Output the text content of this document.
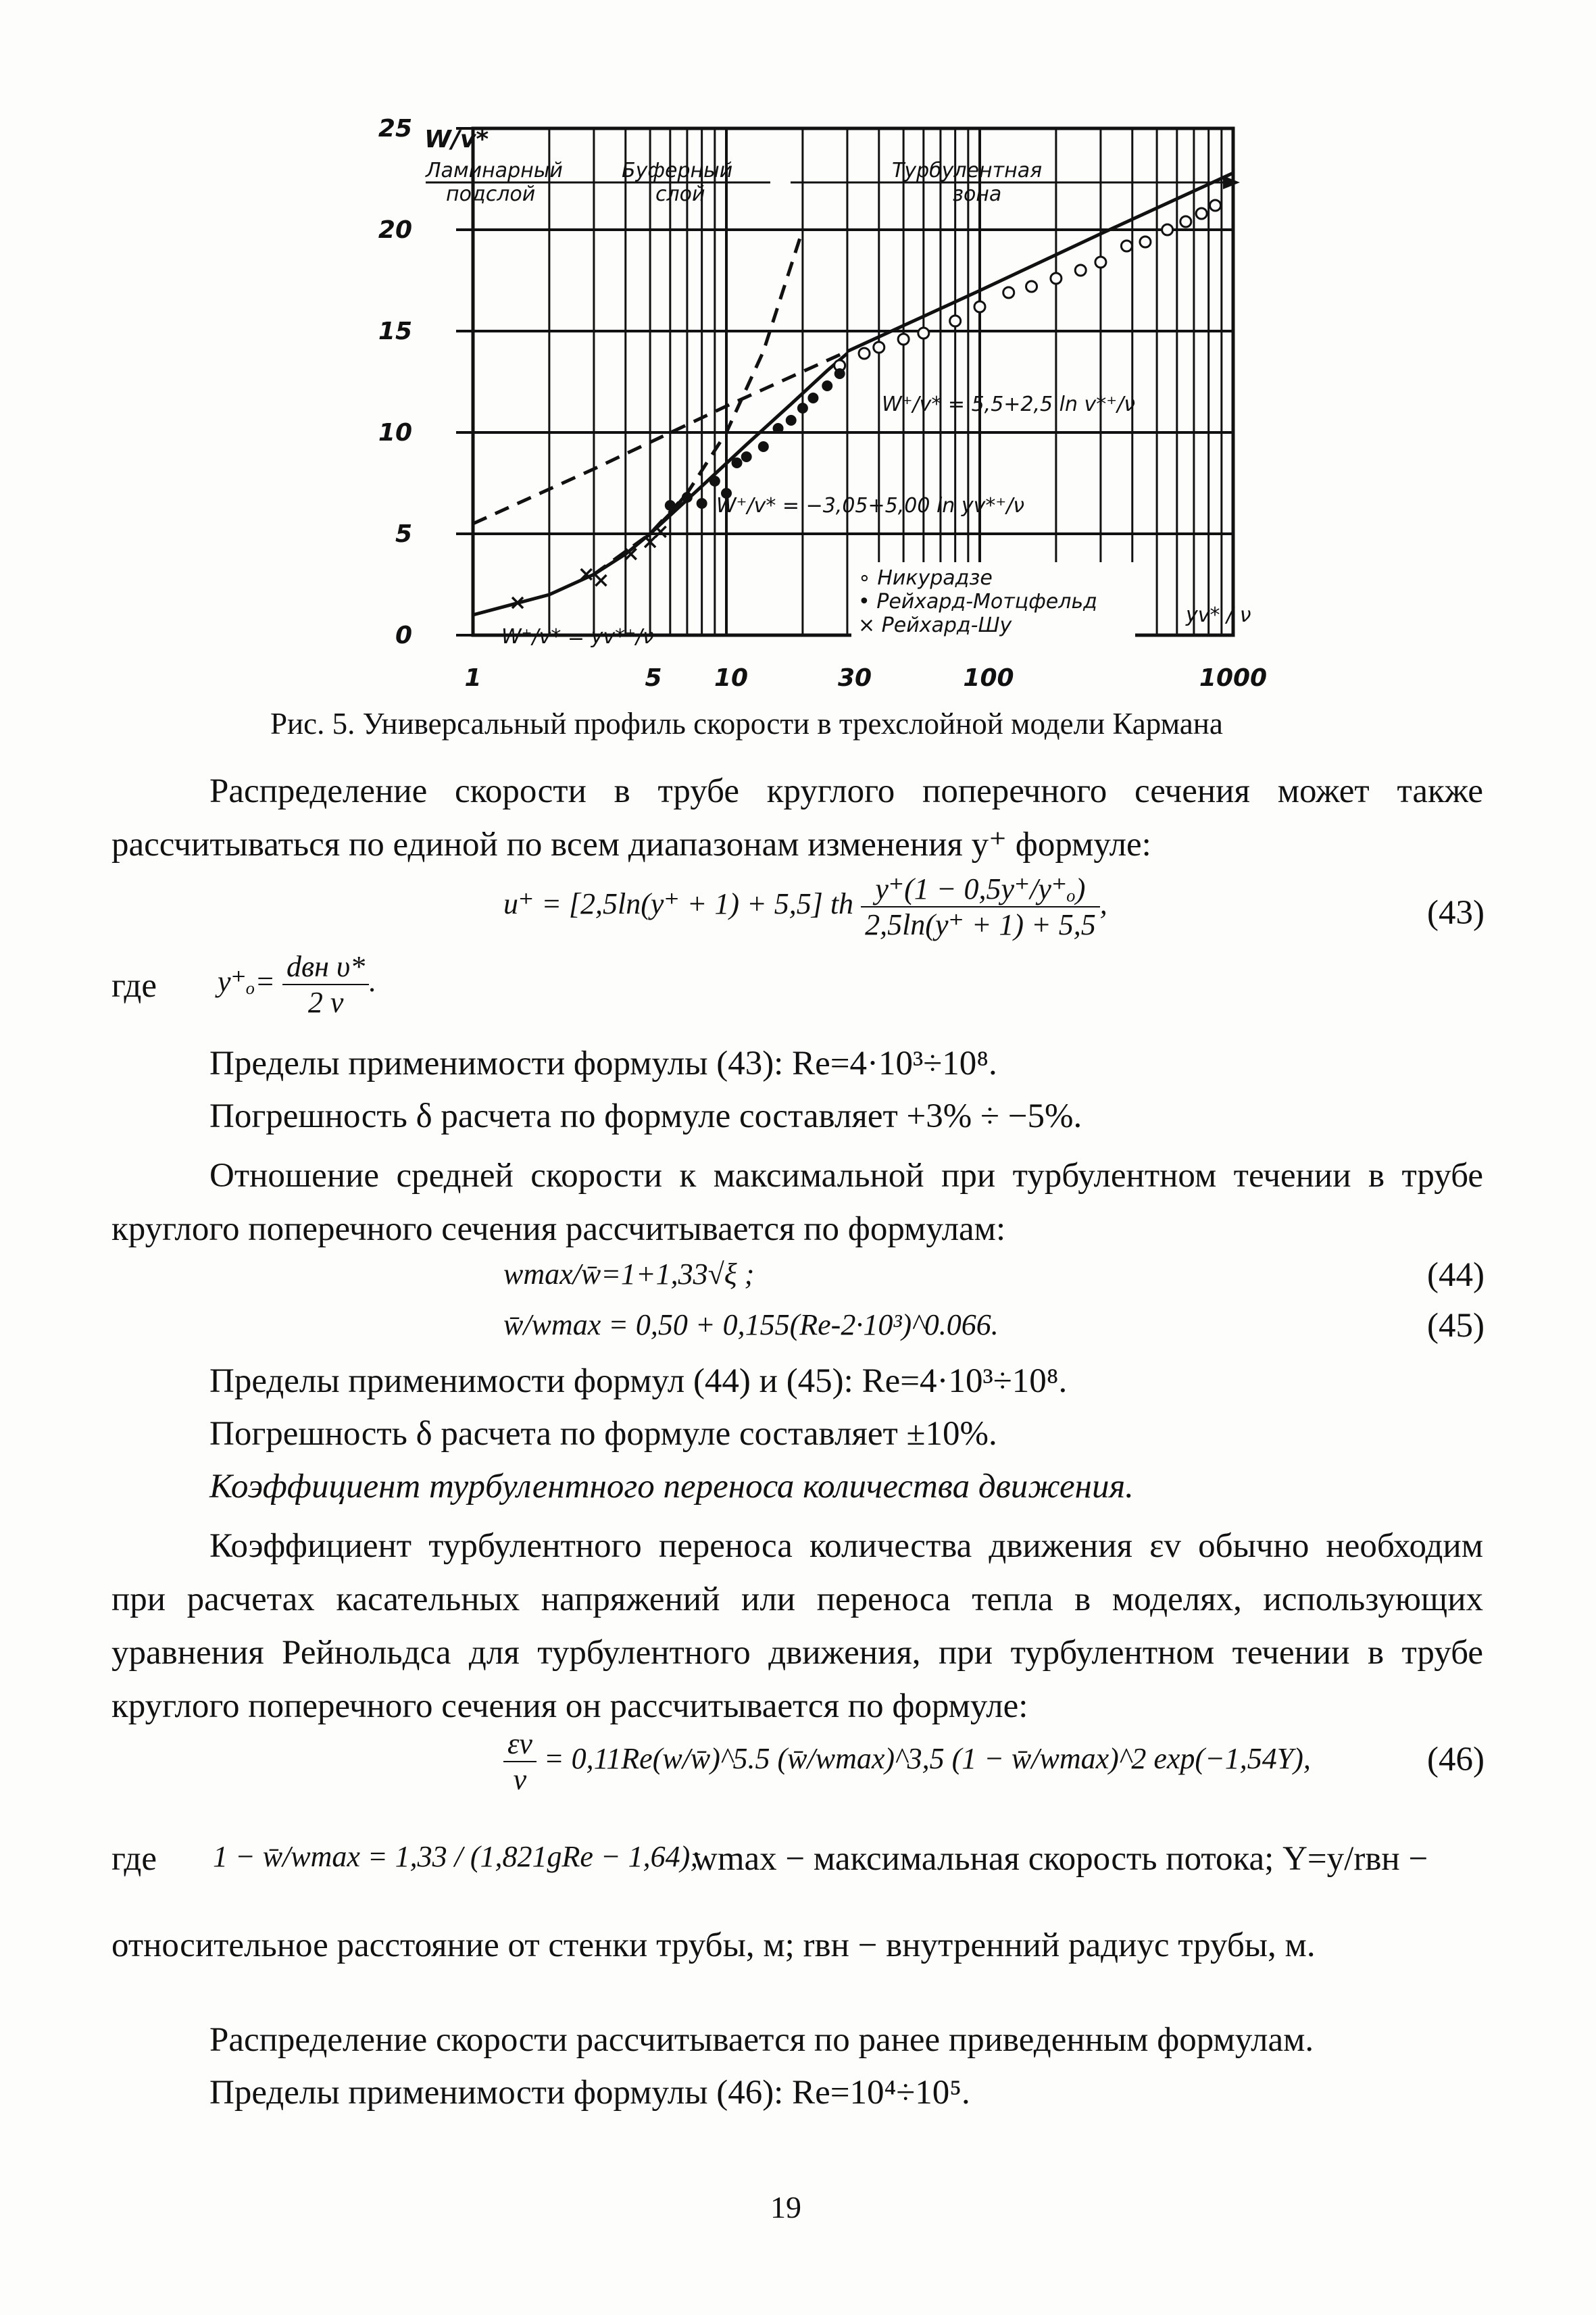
25
20
15
10
5
0
1	5 10	30	100	1000
W/v*
Ламинарный
подслой
Буферный
слой
Турбулентная
зона
W⁺/v* = 5,5+2,5 ln v*⁺/ν
W⁺/v* = −3,05+5,00 ln yv*⁺/ν
W⁺/v* = yv*⁺/ν
∘ Никурадзе
• Рейхард-Мотцфельд
× Рейхард-Шу	yv* / ν
Рис. 5. Универсальный профиль скорости в трехслойной модели Кармана
Распределение скорости в трубе круглого поперечного сечения может также рассчитываться по единой по всем диапазонам изменения y⁺ формуле:
u⁺ = [2,5ln(y⁺ + 1) + 5,5] th $\frac{\text{y⁺(1 − 0,5y⁺/y⁺ₒ)}}{2,5\ln(y^+ + 1) + 5,5}$ ,	(43)
где $y^+_o= \frac{\text{dвн υ*}}{2 \nu}$ .
Пределы применимости формулы (43): Re=4·10³÷10⁸.
Погрешность δ расчета по формуле составляет +3% ÷ −5%.
Отношение средней скорости к максимальной при турбулентном течении в трубе круглого поперечного сечения рассчитывается по формулам:
wmax/w̄=1+1,33√ξ ;	(44)
w̄/wmax = 0,50 + 0,155(Re-2·10³)^0.066.	(45)
Пределы применимости формул (44) и (45): Re=4·10³÷10⁸.
Погрешность δ расчета по формуле составляет ±10%.
Коэффициент турбулентного переноса количества движения.
Коэффициент турбулентного переноса количества движения εv обычно необходим при расчетах касательных напряжений или переноса тепла в моделях, использующих уравнения Рейнольдса для турбулентного движения, при турбулентном течении в трубе круглого поперечного сечения он рассчитывается по формуле:
$\frac{\varepsilon v}{\nu}$ = 0,11Re(w/w̄)^5.5 (w̄/wmax)^3,5 (1 − w̄/wmax)^2 exp(−1,54Y),	(46)
где 1 − w̄/wmax = 1,33 / (1,821gRe − 1,64);
wmax − максимальная скорость потока; Y=y/rвн −
относительное расстояние от стенки трубы, м; rвн − внутренний радиус трубы, м.
Распределение скорости рассчитывается по ранее приведенным формулам.
Пределы применимости формулы (46): Re=10⁴÷10⁵.
19
